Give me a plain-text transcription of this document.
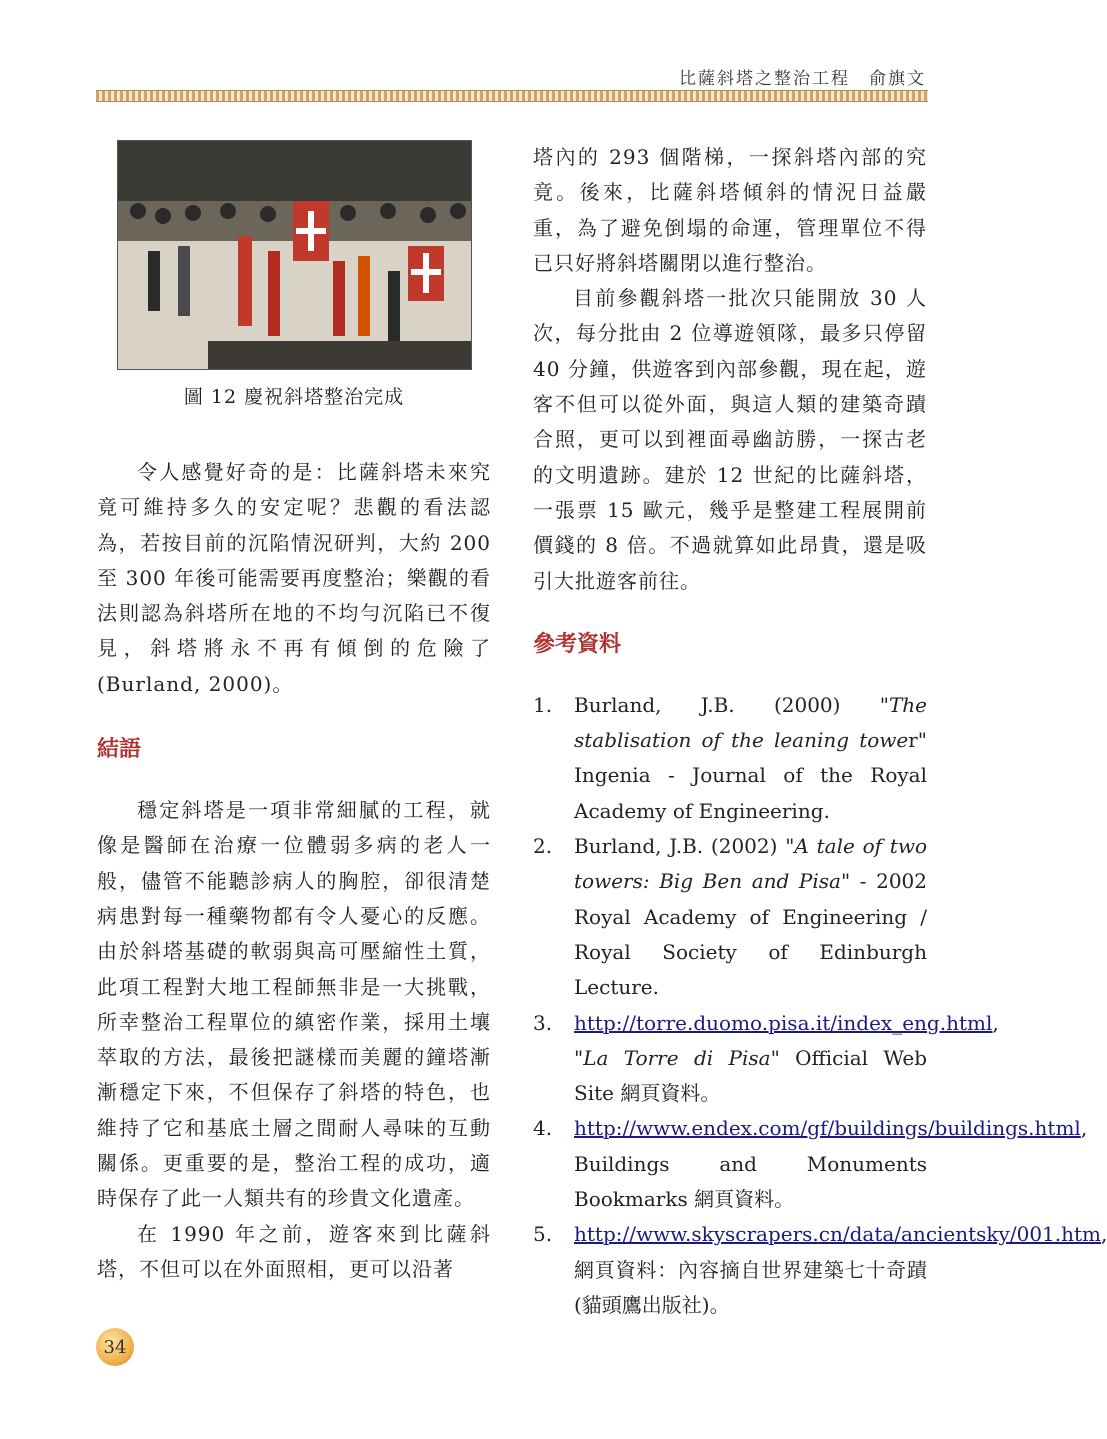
比薩斜塔之整治工程　俞旗文
圖 12 慶祝斜塔整治完成

令人感覺好奇的是：比薩斜塔未來究竟可維持多久的安定呢？悲觀的看法認為，若按目前的沉陷情況研判，大約 200 至 300 年後可能需要再度整治；樂觀的看法則認為斜塔所在地的不均勻沉陷已不復見，斜塔將永不再有傾倒的危險了(Burland, 2000)。

結語

穩定斜塔是一項非常細膩的工程，就像是醫師在治療一位體弱多病的老人一般，儘管不能聽診病人的胸腔，卻很清楚病患對每一種藥物都有令人憂心的反應。由於斜塔基礎的軟弱與高可壓縮性土質，此項工程對大地工程師無非是一大挑戰，所幸整治工程單位的縝密作業，採用土壤萃取的方法，最後把謎樣而美麗的鐘塔漸漸穩定下來，不但保存了斜塔的特色，也維持了它和基底土層之間耐人尋味的互動關係。更重要的是，整治工程的成功，適時保存了此一人類共有的珍貴文化遺產。

在 1990 年之前，遊客來到比薩斜塔，不但可以在外面照相，更可以沿著

塔內的 293 個階梯，一探斜塔內部的究竟。後來，比薩斜塔傾斜的情況日益嚴重，為了避免倒塌的命運，管理單位不得已只好將斜塔關閉以進行整治。

目前參觀斜塔一批次只能開放 30 人次，每分批由 2 位導遊領隊，最多只停留 40 分鐘，供遊客到內部參觀，現在起，遊客不但可以從外面，與這人類的建築奇蹟合照，更可以到裡面尋幽訪勝，一探古老的文明遺跡。建於 12 世紀的比薩斜塔，一張票 15 歐元，幾乎是整建工程展開前價錢的 8 倍。不過就算如此昂貴，還是吸引大批遊客前往。

參考資料

1. Burland, J.B. (2000) "The stablisation of the leaning tower" Ingenia - Journal of the Royal Academy of Engineering.
2. Burland, J.B. (2002) "A tale of two towers: Big Ben and Pisa" - 2002 Royal Academy of Engineering / Royal Society of Edinburgh Lecture.
3. http://torre.duomo.pisa.it/index_eng.html, "La Torre di Pisa" Official Web Site 網頁資料。
4. http://www.endex.com/gf/buildings/buildings.html, Buildings and Monuments Bookmarks 網頁資料。
5. http://www.skyscrapers.cn/data/ancientsky/001.htm, 網頁資料：內容摘自世界建築七十奇蹟(貓頭鷹出版社)。
34
